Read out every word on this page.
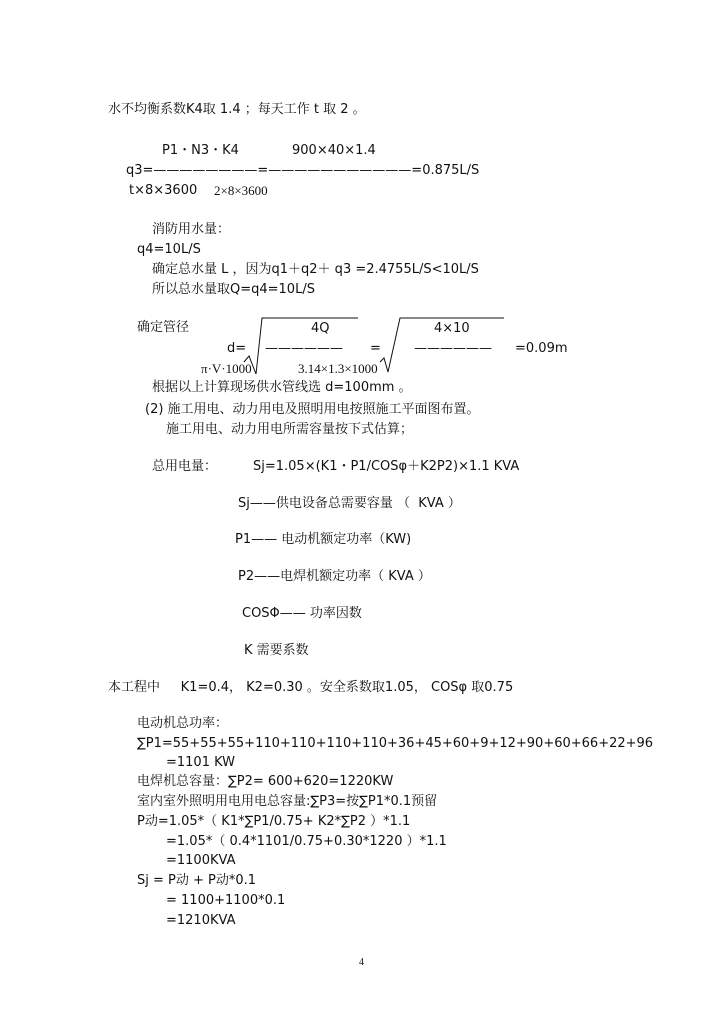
水不均衡系数K4取 1.4 ；每天工作 t 取 2 。
P1・N3・K4	900×40×1.4
q3=————————=———————————=0.875L/S
t×8×3600 2×8×3600
消防用水量：
q4=10L/S
确定总水量 L ，因为q1＋q2＋ q3 =2.4755L/S<10L/S
所以总水量取Q=q4=10L/S
确定管径	4Q	4×10
d= —————— =	—————— =0.09m
π·V·1000	3.14×1.3×1000
根据以上计算现场供水管线选 d=100mm 。
(2) 施工用电、动力用电及照明用电按照施工平面图布置。
施工用电、动力用电所需容量按下式估算；
总用电量：	Sj=1.05×(K1・P1/COSφ＋K2P2)×1.1 KVA
Sj——供电设备总需要容量 （  KVA ）
P1—— 电动机额定功率（KW)
P2——电焊机额定功率（ KVA ）
COSΦ—— 功率因数
K 需要系数
本工程中     K1=0.4， K2=0.30 。安全系数取1.05， COSφ 取0.75
电动机总功率：
∑P1=55+55+55+110+110+110+110+36+45+60+9+12+90+60+66+22+96
=1101 KW
电焊机总容量：∑P2= 600+620=1220KW
室内室外照明用电用电总容量:∑P3=按∑P1*0.1预留
P动=1.05*（ K1*∑P1/0.75+ K2*∑P2 ）*1.1
=1.05*（ 0.4*1101/0.75+0.30*1220 ）*1.1
=1100KVA
Sj = P动 + P动*0.1
= 1100+1100*0.1
=1210KVA
4
